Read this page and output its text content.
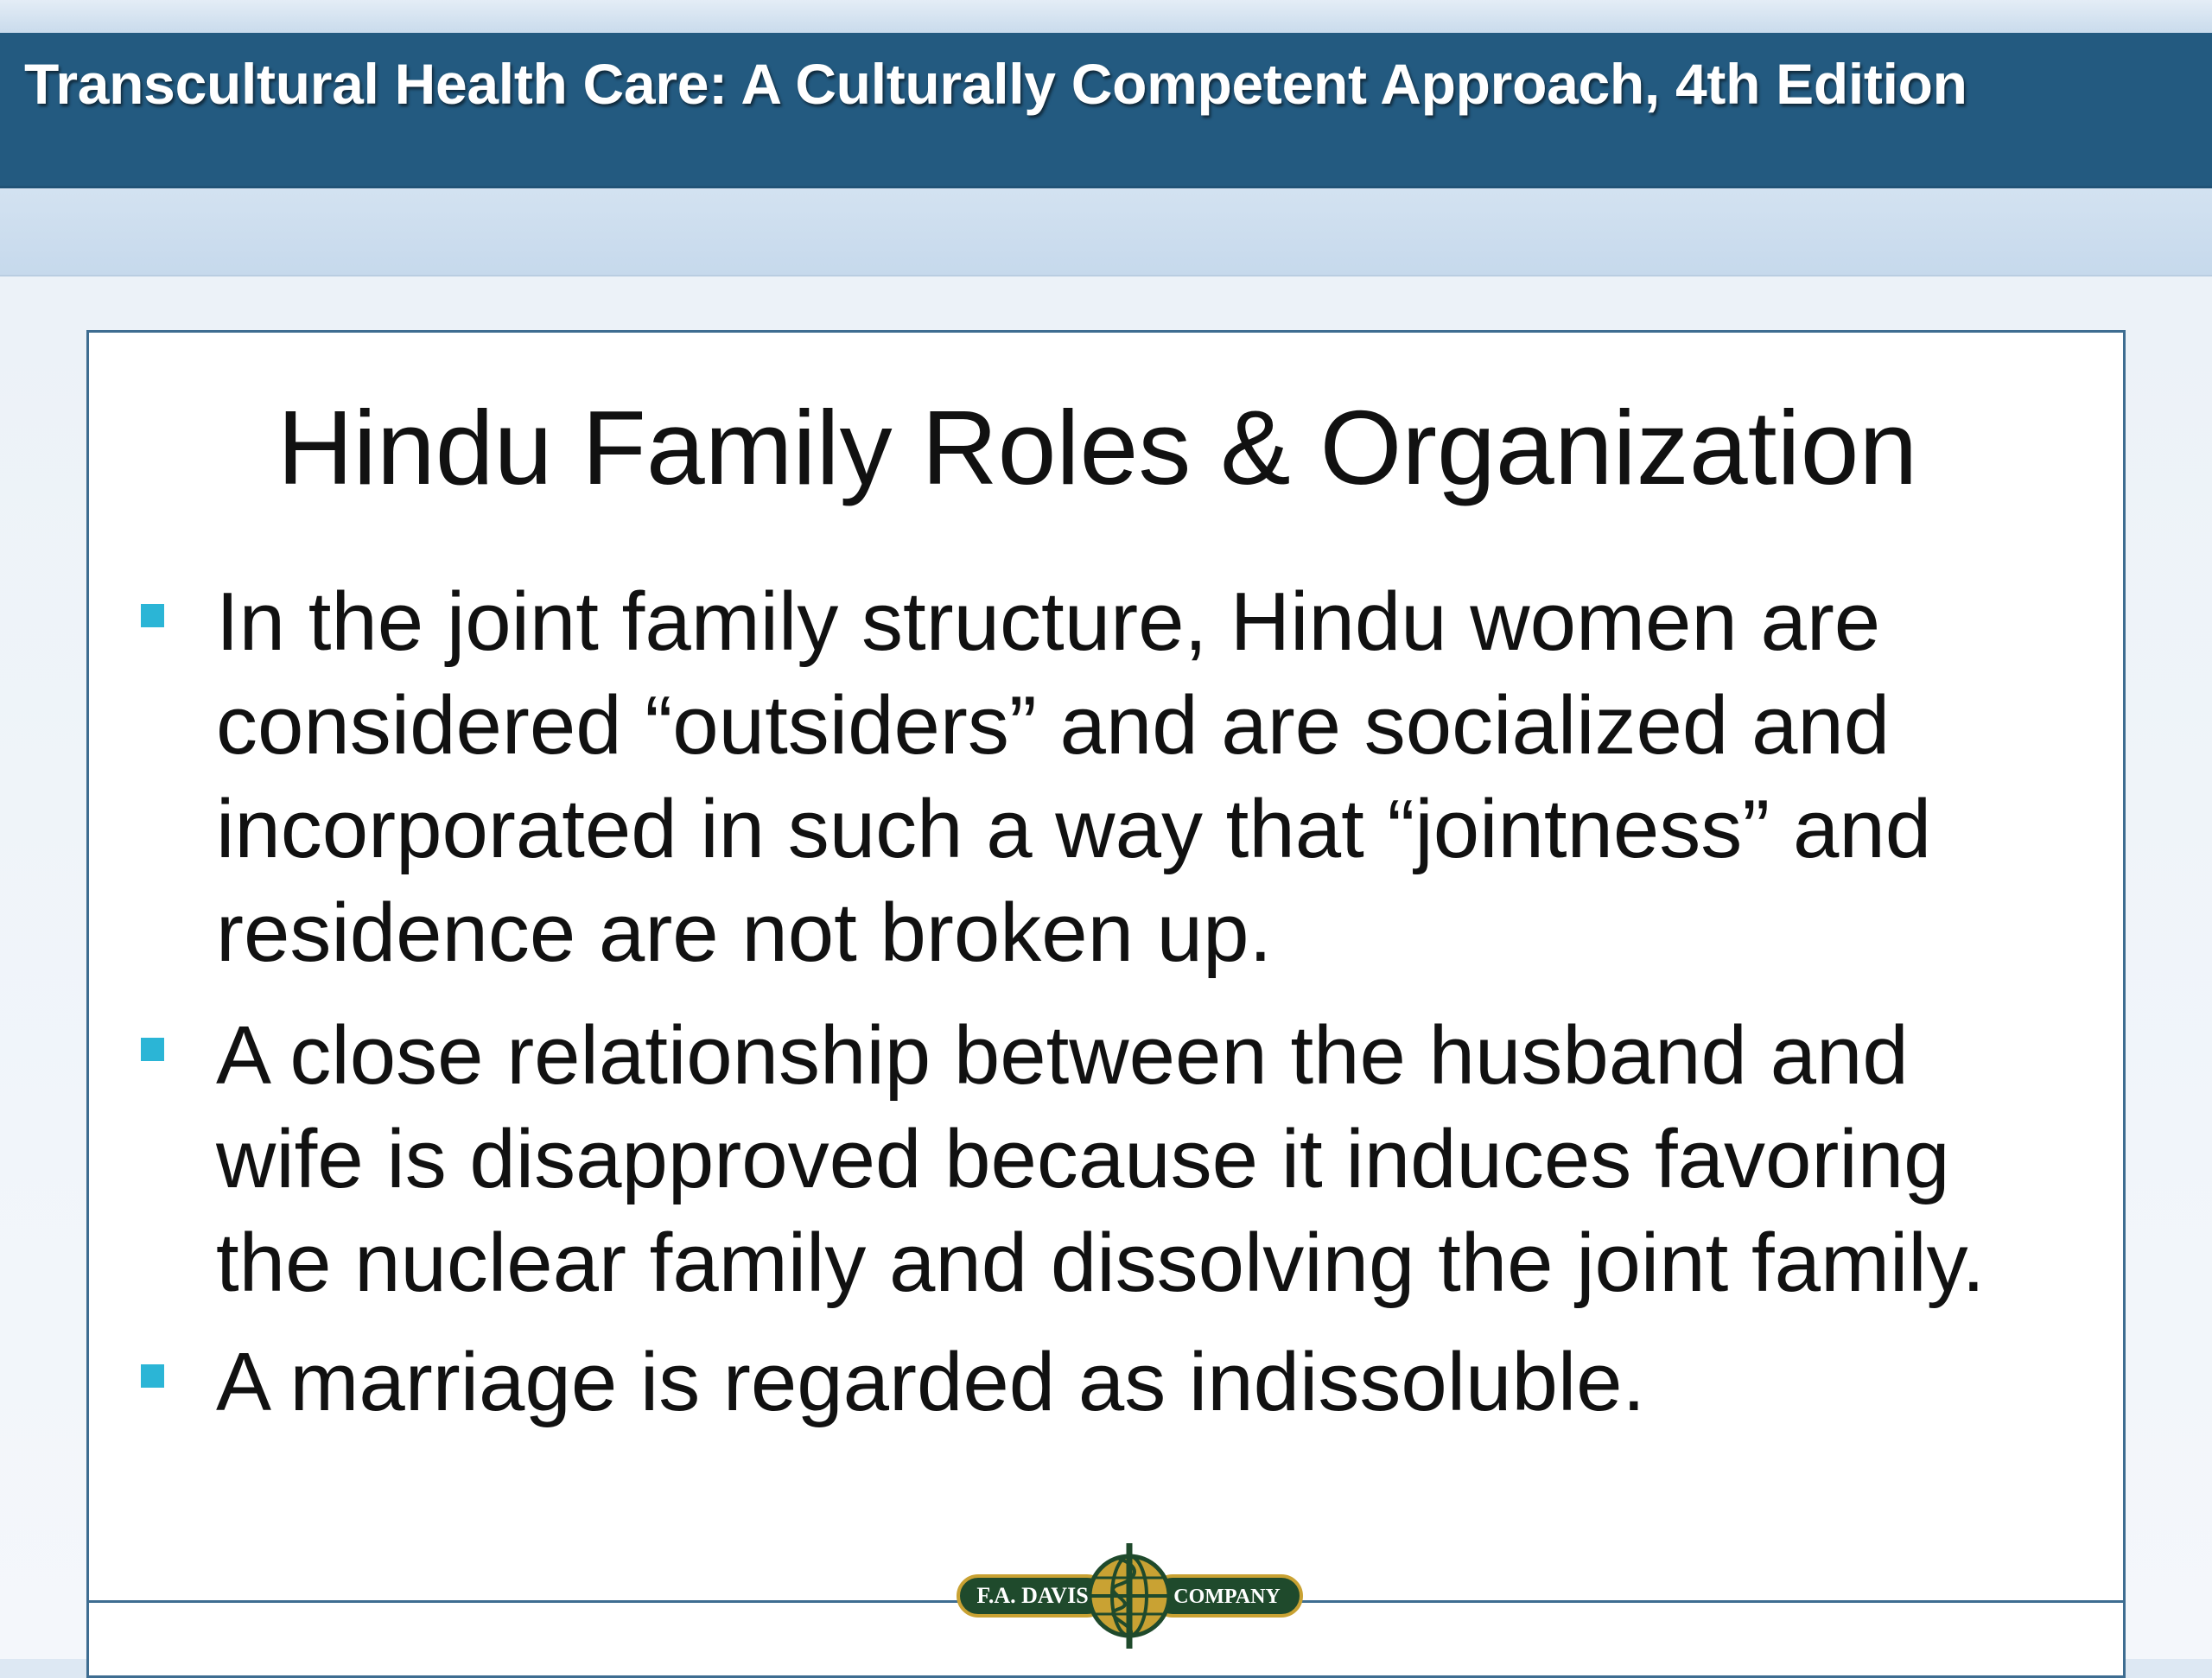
Transcultural Health Care: A Culturally Competent Approach, 4th Edition
Hindu Family Roles & Organization
In the joint family structure, Hindu women are
considered “outsiders” and are socialized and
incorporated in such a way that “jointness” and
residence are not broken up.
A close relationship between the husband and
wife is disapproved because it induces favoring
the nuclear family and dissolving the joint family.
A marriage is regarded as indissoluble.
F.A. DAVIS	COMPANY
